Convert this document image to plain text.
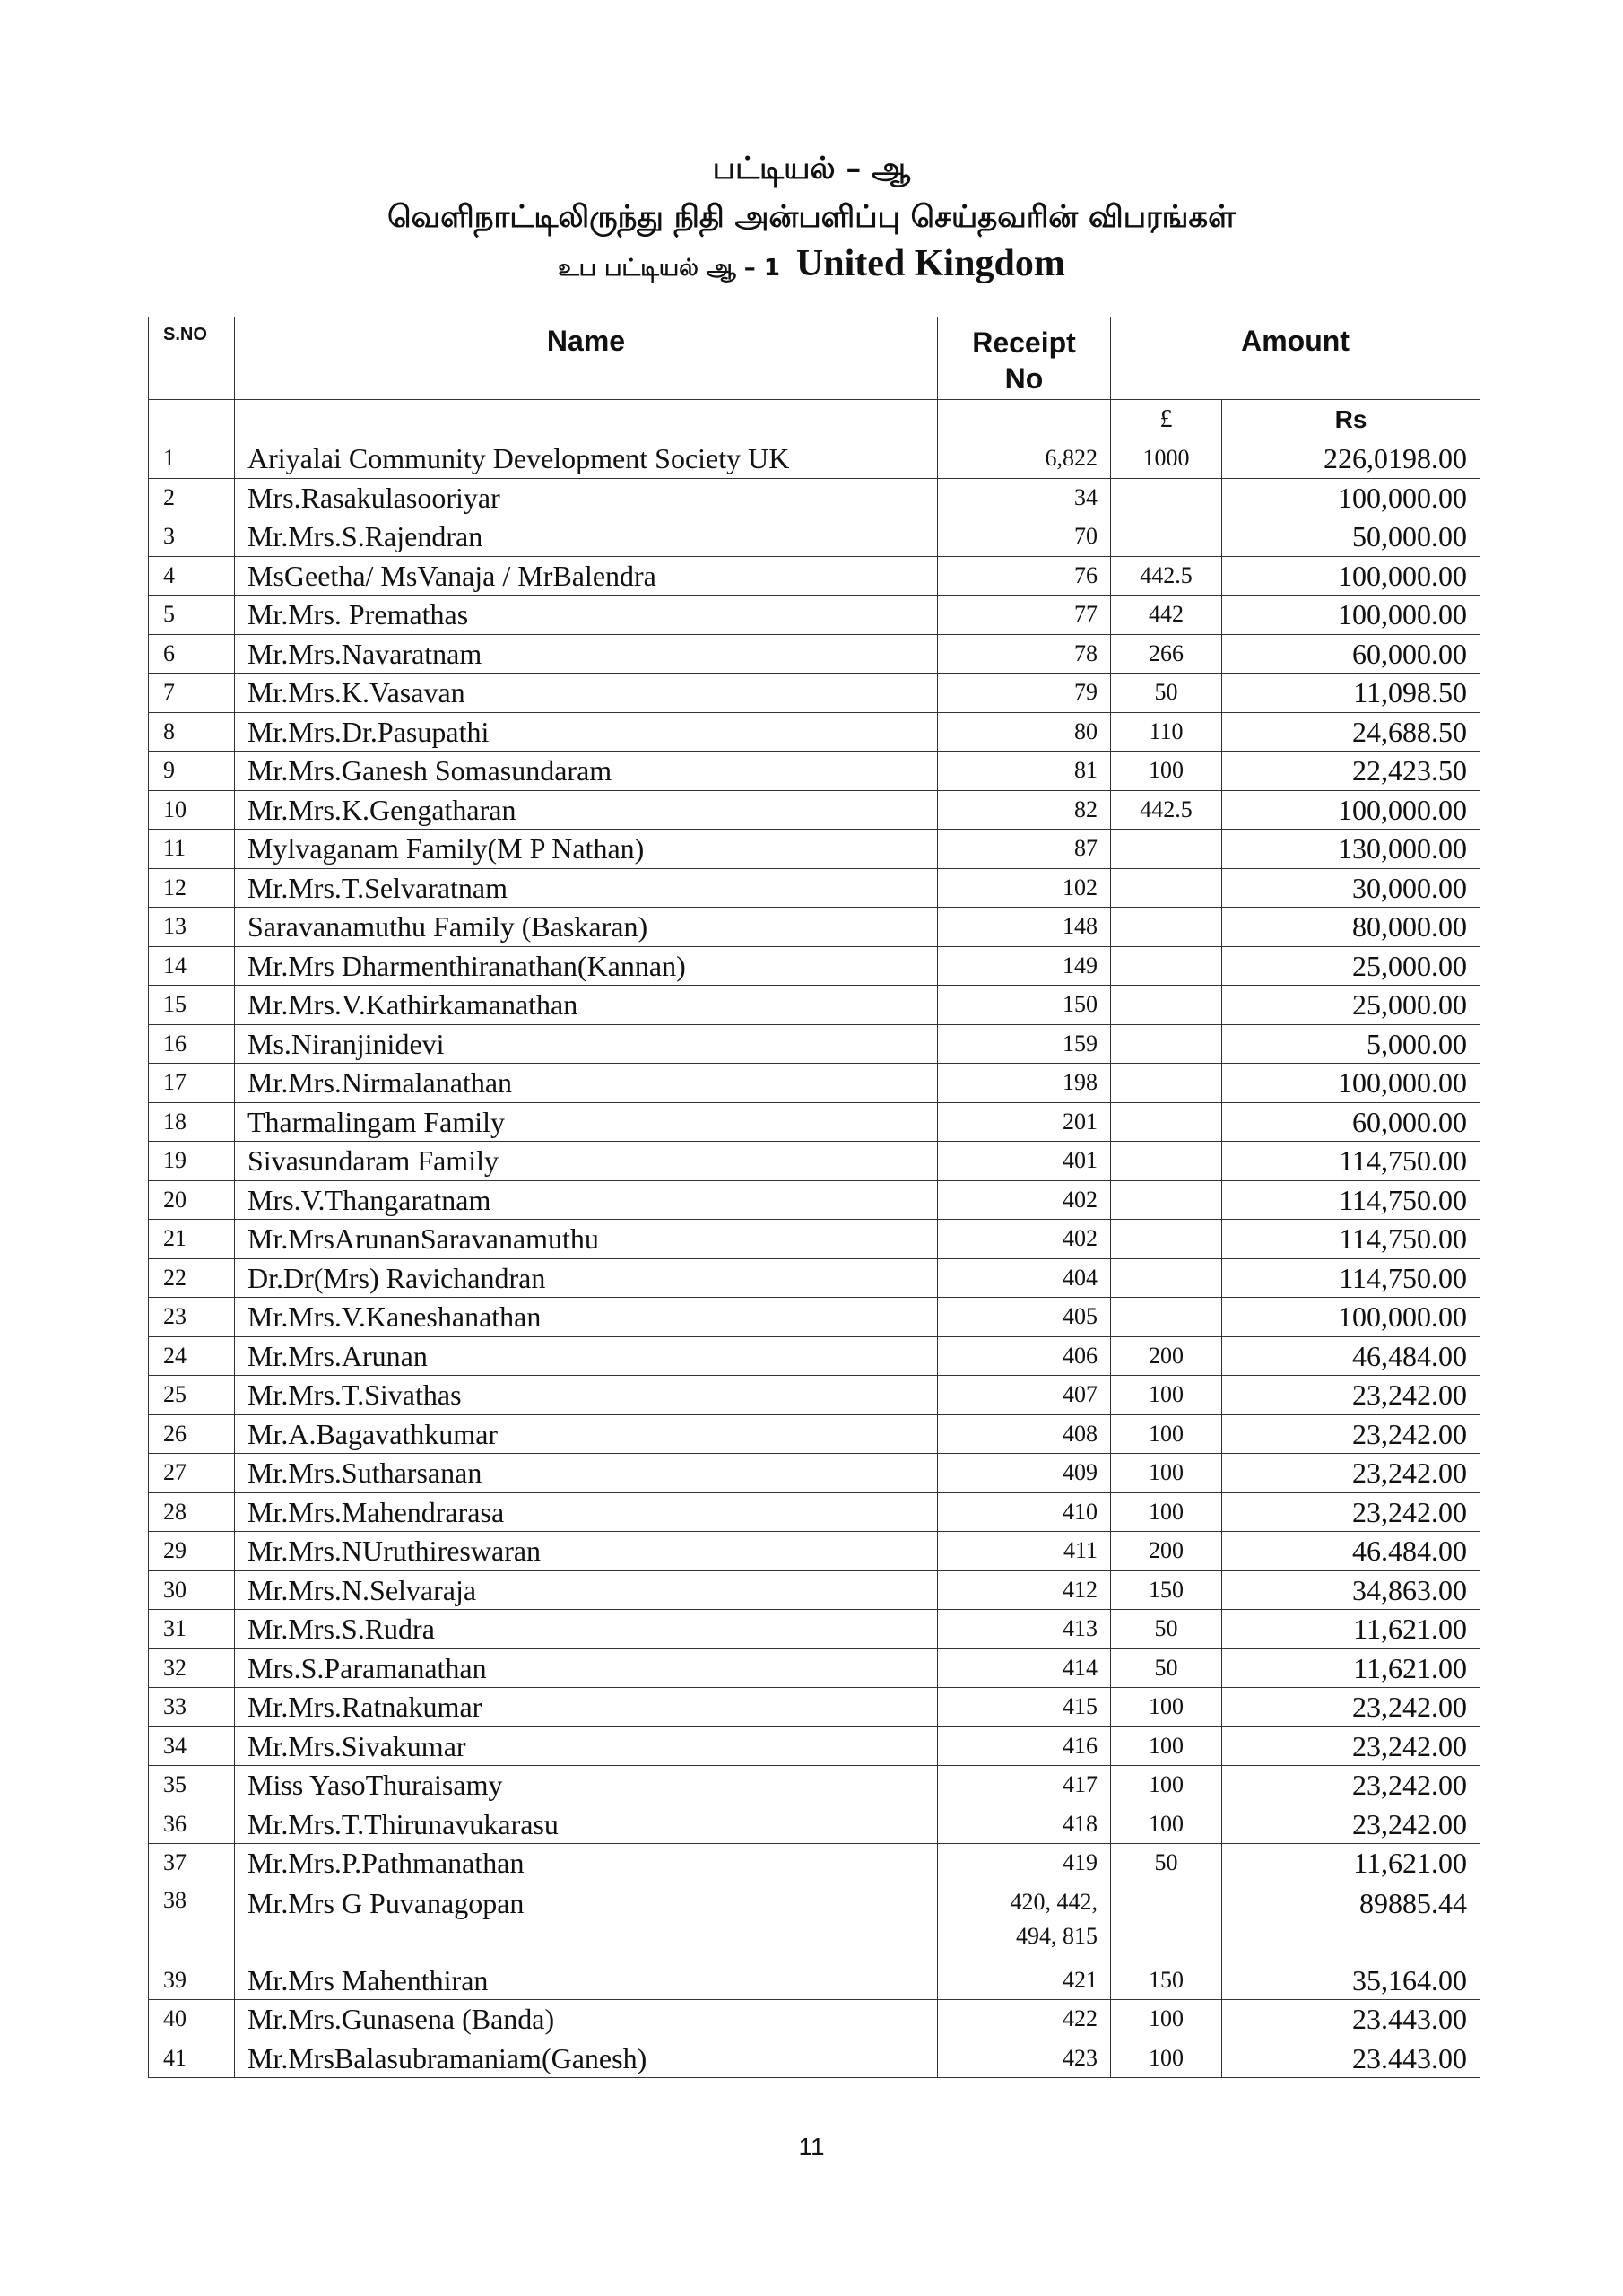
பட்டியல் – ஆ
வெளிநாட்டிலிருந்து நிதி அன்பளிப்பு செய்தவரின் விபரங்கள்
உப பட்டியல் ஆ – 1 United Kingdom
S.NO	Name	Receipt
No	Amount	
			£	Rs
1	Ariyalai Community Development Society UK	6,822	1000	226,0198.00
2	Mrs.Rasakulasooriyar	34		100,000.00
3	Mr.Mrs.S.Rajendran	70		50,000.00
4	MsGeetha/ MsVanaja / MrBalendra	76	442.5	100,000.00
5	Mr.Mrs. Premathas	77	442	100,000.00
6	Mr.Mrs.Navaratnam	78	266	60,000.00
7	Mr.Mrs.K.Vasavan	79	50	11,098.50
8	Mr.Mrs.Dr.Pasupathi	80	110	24,688.50
9	Mr.Mrs.Ganesh Somasundaram	81	100	22,423.50
10	Mr.Mrs.K.Gengatharan	82	442.5	100,000.00
11	Mylvaganam Family(M P Nathan)	87		130,000.00
12	Mr.Mrs.T.Selvaratnam	102		30,000.00
13	Saravanamuthu Family (Baskaran)	148		80,000.00
14	Mr.Mrs Dharmenthiranathan(Kannan)	149		25,000.00
15	Mr.Mrs.V.Kathirkamanathan	150		25,000.00
16	Ms.Niranjinidevi	159		5,000.00
17	Mr.Mrs.Nirmalanathan	198		100,000.00
18	Tharmalingam Family	201		60,000.00
19	Sivasundaram Family	401		114,750.00
20	Mrs.V.Thangaratnam	402		114,750.00
21	Mr.MrsArunanSaravanamuthu	402		114,750.00
22	Dr.Dr(Mrs) Ravichandran	404		114,750.00
23	Mr.Mrs.V.Kaneshanathan	405		100,000.00
24	Mr.Mrs.Arunan	406	200	46,484.00
25	Mr.Mrs.T.Sivathas	407	100	23,242.00
26	Mr.A.Bagavathkumar	408	100	23,242.00
27	Mr.Mrs.Sutharsanan	409	100	23,242.00
28	Mr.Mrs.Mahendrarasa	410	100	23,242.00
29	Mr.Mrs.NUruthireswaran	411	200	46.484.00
30	Mr.Mrs.N.Selvaraja	412	150	34,863.00
31	Mr.Mrs.S.Rudra	413	50	11,621.00
32	Mrs.S.Paramanathan	414	50	11,621.00
33	Mr.Mrs.Ratnakumar	415	100	23,242.00
34	Mr.Mrs.Sivakumar	416	100	23,242.00
35	Miss YasoThuraisamy	417	100	23,242.00
36	Mr.Mrs.T.Thirunavukarasu	418	100	23,242.00
37	Mr.Mrs.P.Pathmanathan	419	50	11,621.00
38	Mr.Mrs G Puvanagopan	420, 442,
494, 815		89885.44
39	Mr.Mrs Mahenthiran	421	150	35,164.00
40	Mr.Mrs.Gunasena (Banda)	422	100	23.443.00
41	Mr.MrsBalasubramaniam(Ganesh)	423	100	23.443.00
11
